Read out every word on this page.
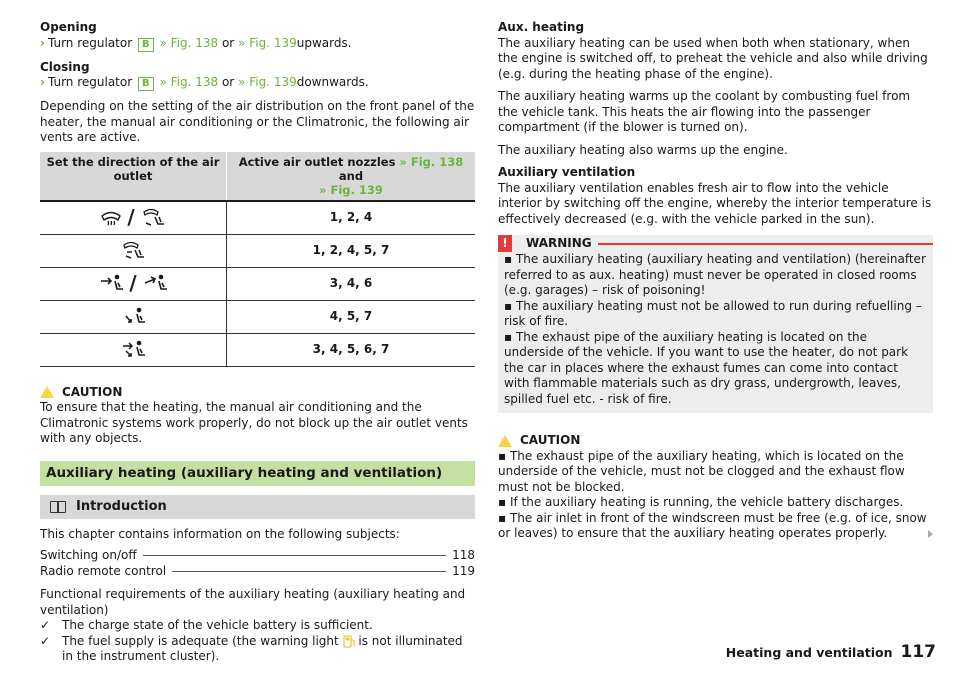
Opening

› Turn regulator B » Fig. 138 or » Fig. 139upwards.

Closing

› Turn regulator B » Fig. 138 or » Fig. 139downwards.

Depending on the setting of the air distribution on the front panel of the heater, the manual air conditioning or the Climatronic, the following air vents are active.

Set the direction of the air outlet	Active air outlet nozzles » Fig. 138 and
» Fig. 139
/	1, 2, 4
	1, 2, 4, 5, 7
/	3, 4, 6
	4, 5, 7
	3, 4, 5, 6, 7
CAUTION

To ensure that the heating, the manual air conditioning and the Climatronic systems work properly, do not block up the air outlet vents with any objects.

Auxiliary heating (auxiliary heating and ventilation)
Introduction

This chapter contains information on the following subjects:

Switching on/off	118
Radio remote control	119

Functional requirements of the auxiliary heating (auxiliary heating and ventilation)

✓ The charge state of the vehicle battery is sufficient.
✓ The fuel supply is adequate (the warning light is not illuminated in the instrument cluster).

Aux. heating

The auxiliary heating can be used when both when stationary, when the engine is switched off, to preheat the vehicle and also while driving (e.g. during the heating phase of the engine).

The auxiliary heating warms up the coolant by combusting fuel from the vehicle tank. This heats the air flowing into the passenger compartment (if the blower is turned on).

The auxiliary heating also warms up the engine.

Auxiliary ventilation

The auxiliary ventilation enables fresh air to flow into the vehicle interior by switching off the engine, whereby the interior temperature is effectively decreased (e.g. with the vehicle parked in the sun).

!	WARNING

▪ The auxiliary heating (auxiliary heating and ventilation) (hereinafter referred to as aux. heating) must never be operated in closed rooms (e.g. garages) – risk of poisoning!

▪ The auxiliary heating must not be allowed to run during refuelling – risk of fire.

▪ The exhaust pipe of the auxiliary heating is located on the underside of the vehicle. If you want to use the heater, do not park the car in places where the exhaust fumes can come into contact with flammable materials such as dry grass, undergrowth, leaves, spilled fuel etc. - risk of fire.

CAUTION

▪ The exhaust pipe of the auxiliary heating, which is located on the underside of the vehicle, must not be clogged and the exhaust flow must not be blocked.

▪ If the auxiliary heating is running, the vehicle battery discharges.

▪ The air inlet in front of the windscreen must be free (e.g. of ice, snow or leaves) to ensure that the auxiliary heating operates properly.

Heating and ventilation 117
